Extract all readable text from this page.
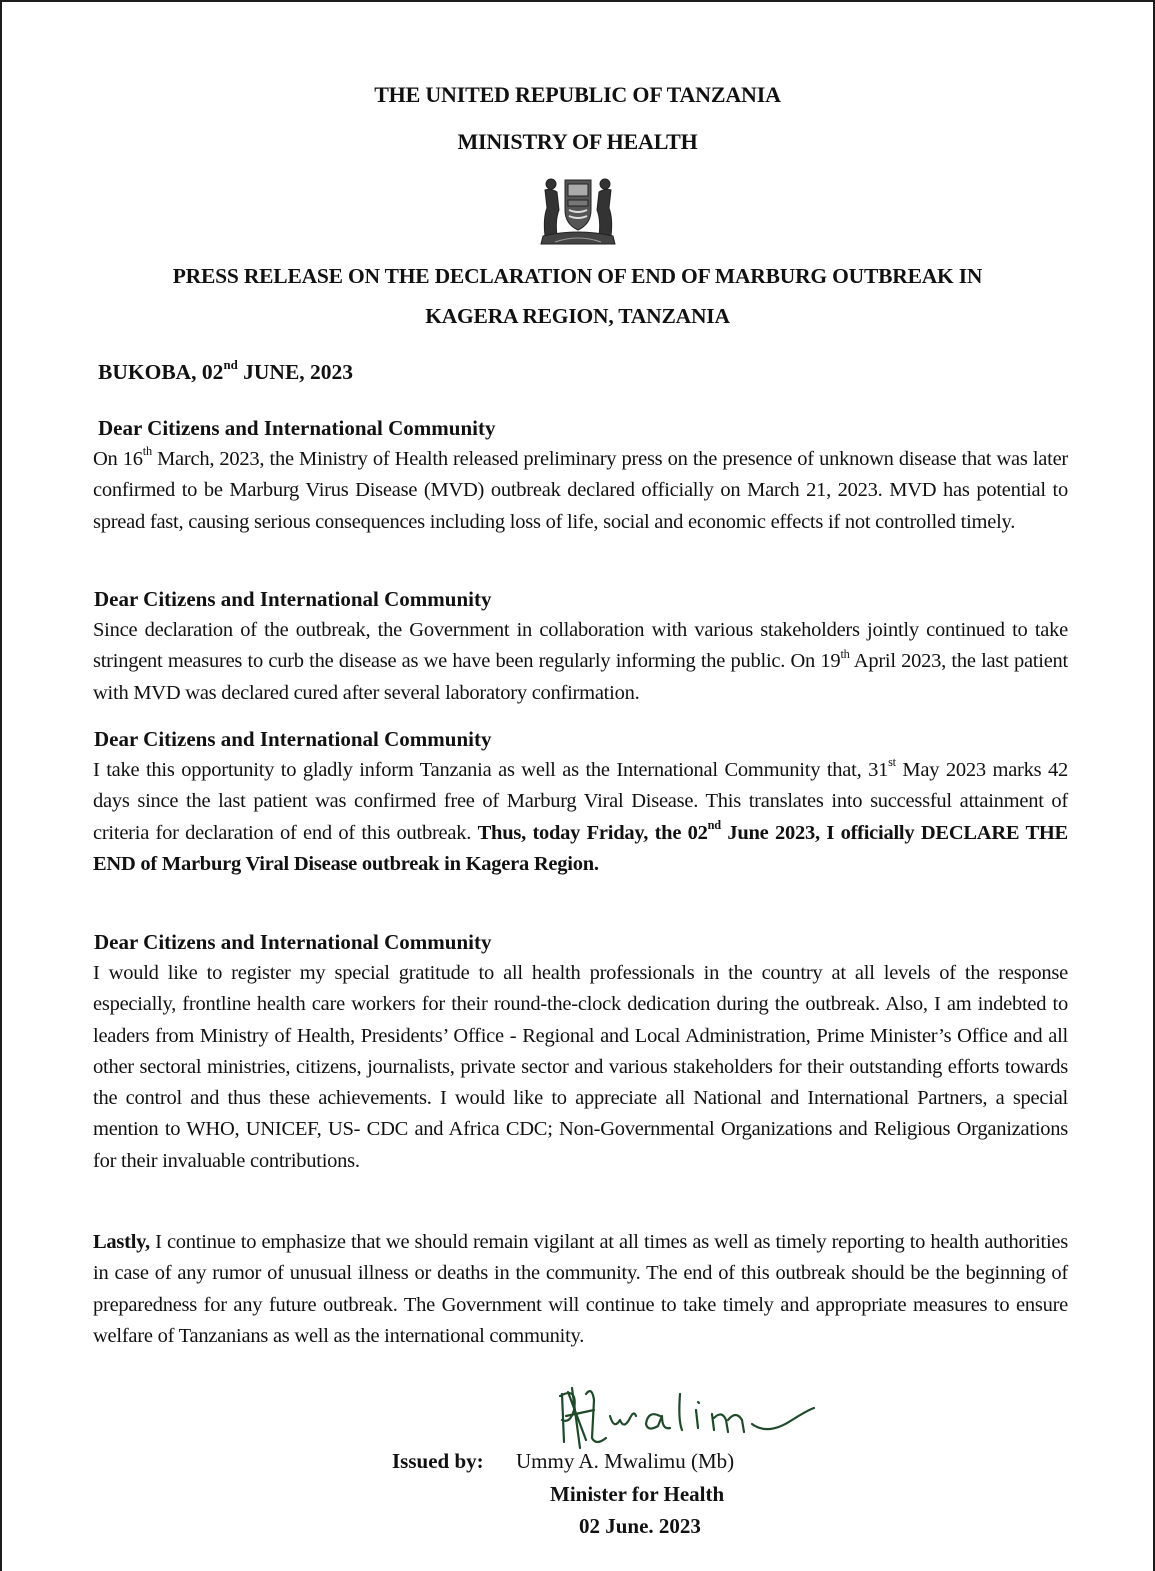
THE UNITED REPUBLIC OF TANZANIA
MINISTRY OF HEALTH
PRESS RELEASE ON THE DECLARATION OF END OF MARBURG OUTBREAK IN
KAGERA REGION, TANZANIA
BUKOBA, 02nd JUNE, 2023
Dear Citizens and International Community
On 16th March, 2023, the Ministry of Health released preliminary press on the presence of unknown disease that was later confirmed to be Marburg Virus Disease (MVD) outbreak declared officially on March 21, 2023. MVD has potential to spread fast, causing serious consequences including loss of life, social and economic effects if not controlled timely.
Dear Citizens and International Community
Since declaration of the outbreak, the Government in collaboration with various stakeholders jointly continued to take stringent measures to curb the disease as we have been regularly informing the public. On 19th April 2023, the last patient with MVD was declared cured after several laboratory confirmation.
Dear Citizens and International Community
I take this opportunity to gladly inform Tanzania as well as the International Community that, 31st May 2023 marks 42 days since the last patient was confirmed free of Marburg Viral Disease. This translates into successful attainment of criteria for declaration of end of this outbreak. Thus, today Friday, the 02nd June 2023, I officially DECLARE THE END of Marburg Viral Disease outbreak in Kagera Region.
Dear Citizens and International Community
I would like to register my special gratitude to all health professionals in the country at all levels of the response especially, frontline health care workers for their round-the-clock dedication during the outbreak. Also, I am indebted to leaders from Ministry of Health, Presidents’ Office - Regional and Local Administration, Prime Minister’s Office and all other sectoral ministries, citizens, journalists, private sector and various stakeholders for their outstanding efforts towards the control and thus these achievements. I would like to appreciate all National and International Partners, a special mention to WHO, UNICEF, US- CDC and Africa CDC; Non-Governmental Organizations and Religious Organizations for their invaluable contributions.
Lastly, I continue to emphasize that we should remain vigilant at all times as well as timely reporting to health authorities in case of any rumor of unusual illness or deaths in the community. The end of this outbreak should be the beginning of preparedness for any future outbreak. The Government will continue to take timely and appropriate measures to ensure welfare of Tanzanians as well as the international community.
Issued by: Ummy A. Mwalimu (Mb)
Minister for Health
02 June. 2023
